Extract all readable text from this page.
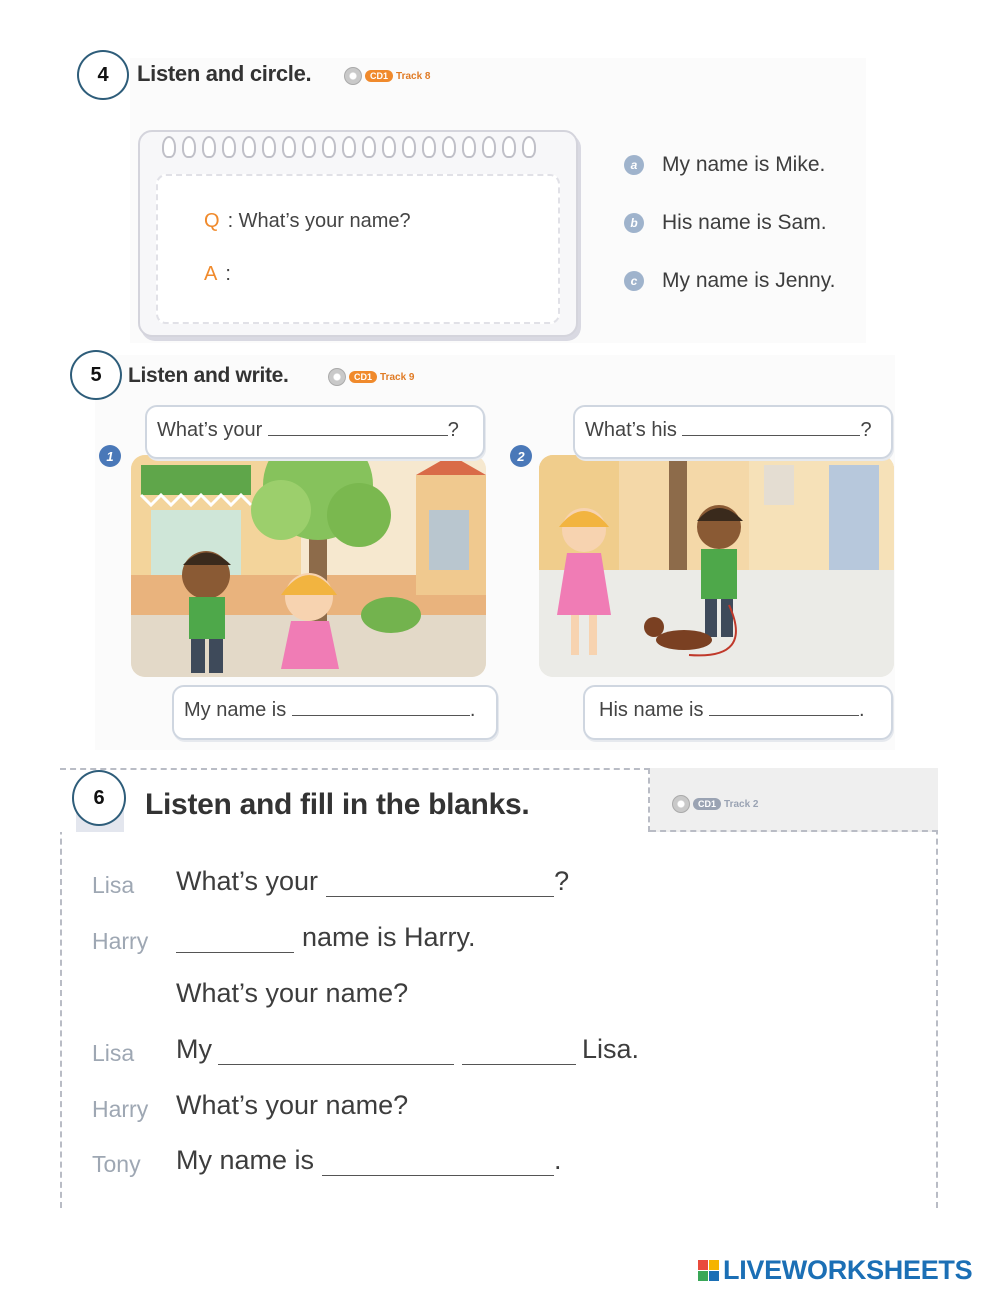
4	Listen and circle.	CD1 Track 8
Q : What’s your name?
A :
a	My name is Mike.
b	His name is Sam.
c	My name is Jenny.
5	Listen and write.	CD1 Track 9
1
What’s your	?
My name is	.
2
What’s his	?
His name is	.
6	Listen and fill in the blanks.	CD1 Track 2
Lisa What’s your	?
Harry	name is Harry.
What’s your name?
Lisa My	Lisa.
Harry What’s your name?
Tony My name is	.
LIVEWORKSHEETS
